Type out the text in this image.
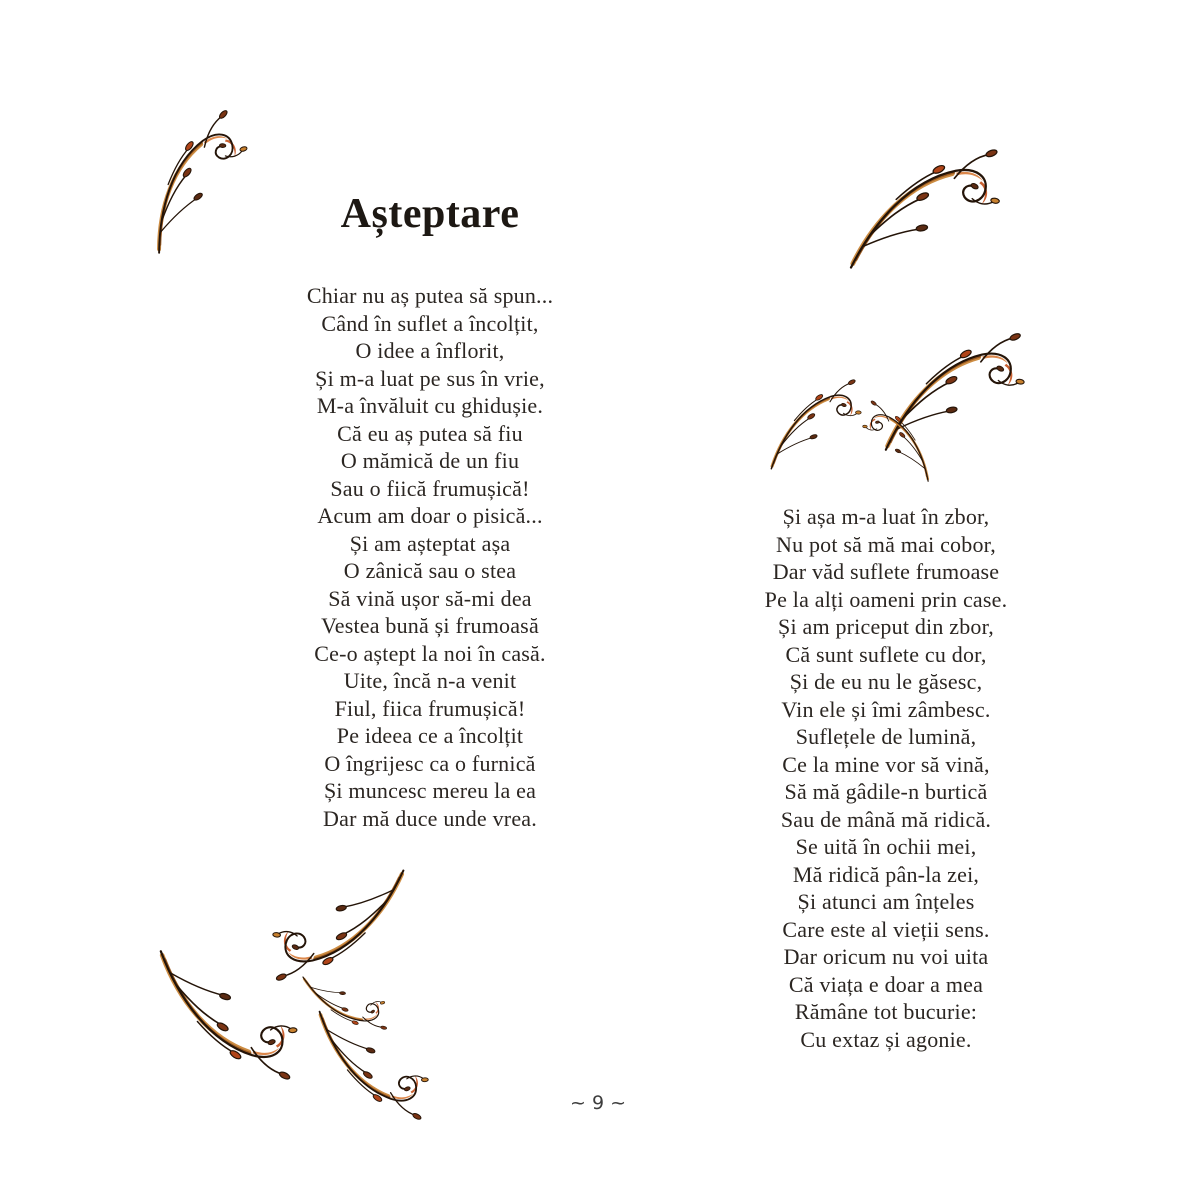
Așteptare
Chiar nu aș putea să spun...
Când în suflet a încolțit,
O idee a înflorit,
Și m-a luat pe sus în vrie,
M-a învăluit cu ghidușie.
Că eu aș putea să fiu
O mămică de un fiu
Sau o fiică frumușică!
Acum am doar o pisică...
Și am așteptat așa
O zânică sau o stea
Să vină ușor să-mi dea
Vestea bună și frumoasă
Ce-o aștept la noi în casă.
Uite, încă n-a venit
Fiul, fiica frumușică!
Pe ideea ce a încolțit
O îngrijesc ca o furnică
Și muncesc mereu la ea
Dar mă duce unde vrea.
Și așa m-a luat în zbor,
Nu pot să mă mai cobor,
Dar văd suflete frumoase
Pe la alți oameni prin case.
Și am priceput din zbor,
Că sunt suflete cu dor,
Și de eu nu le găsesc,
Vin ele și îmi zâmbesc.
Suflețele de lumină,
Ce la mine vor să vină,
Să mă gâdile-n burtică
Sau de mână mă ridică.
Se uită în ochii mei,
Mă ridică pân-la zei,
Și atunci am înțeles
Care este al vieții sens.
Dar oricum nu voi uita
Că viața e doar a mea
Rămâne tot bucurie:
Cu extaz și agonie.
~ 9 ~
